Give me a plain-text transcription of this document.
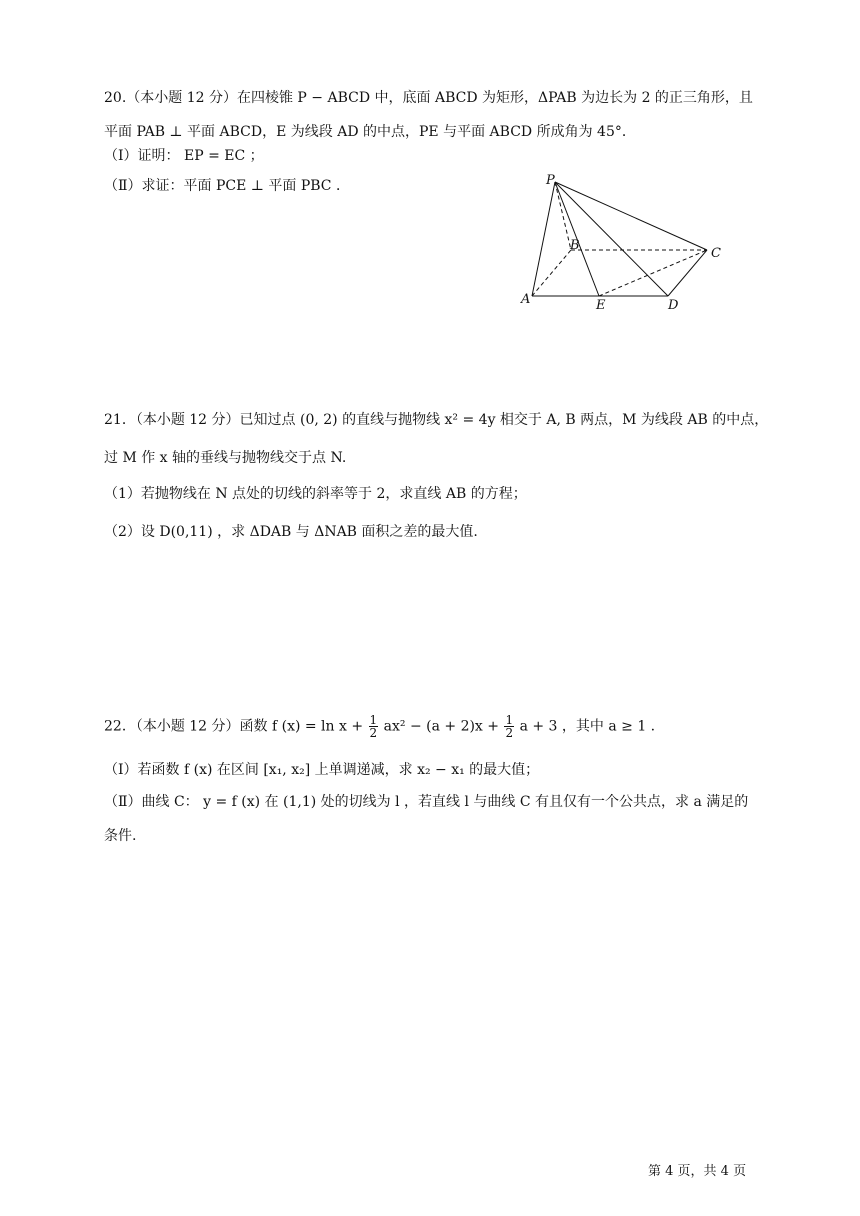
20.（本小题 12 分）在四棱锥 P − ABCD 中，底面 ABCD 为矩形，ΔPAB 为边长为 2 的正三角形，且
平面 PAB ⊥ 平面 ABCD，E 为线段 AD 的中点，PE 与平面 ABCD 所成角为 45°．
（Ⅰ）证明： EP = EC ；
（Ⅱ）求证：平面 PCE ⊥ 平面 PBC ．	P
B
C
A	E	D
21．（本小题 12 分）已知过点 (0, 2) 的直线与抛物线 x² = 4y 相交于 A, B 两点，M 为线段 AB 的中点，
过 M 作 x 轴的垂线与抛物线交于点 N.
（1）若抛物线在 N 点处的切线的斜率等于 2，求直线 AB 的方程；
（2）设 D(0,11) ，求 ΔDAB 与 ΔNAB 面积之差的最大值.
22．（本小题 12 分）函数 f $(x) = \ln x + \frac{1}{2} ax^2 - (a + 2)x + \frac{1}{2}$ a + 3 ，其中 a ≥ 1 .
（Ⅰ）若函数 f (x) 在区间 [x₁, x₂] 上单调递减，求 x₂ − x₁ 的最大值；
（Ⅱ）曲线 C： y = f (x) 在 (1,1) 处的切线为 l ，若直线 l 与曲线 C 有且仅有一个公共点，求 a 满足的
条件.
第 4 页，共 4 页
